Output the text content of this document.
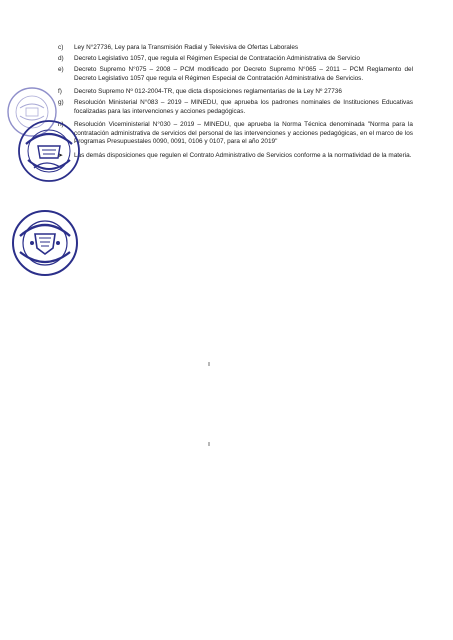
c)	Ley N°27736, Ley para la Transmisión Radial y Televisiva de Ofertas Laborales
d)	Decreto Legislativo 1057, que regula el Régimen Especial de Contratación Administrativa de Servicio
e)	Decreto Supremo N°075 – 2008 – PCM modificado por Decreto Supremo N°065 – 2011 – PCM Reglamento del Decreto Legislativo 1057 que regula el Régimen Especial de Contratación Administrativa de Servicios.
f)	Decreto Supremo Nº 012-2004-TR, que dicta disposiciones reglamentarias de la Ley Nº 27736
g)	Resolución Ministerial N°083 – 2019 – MINEDU, que aprueba los padrones nominales de Instituciones Educativas focalizadas para las intervenciones y acciones pedagógicas.
h)	Resolución Viceministerial N°030 – 2019 – MINEDU, que aprueba la Norma Técnica denominada "Norma para la contratación administrativa de servicios del personal de las intervenciones y acciones pedagógicas, en el marco de los Programas Presupuestales 0090, 0091, 0106 y 0107, para el año 2019"
➤	Las demás disposiciones que regulen el Contrato Administrativo de Servicios conforme a la normatividad de la materia.
